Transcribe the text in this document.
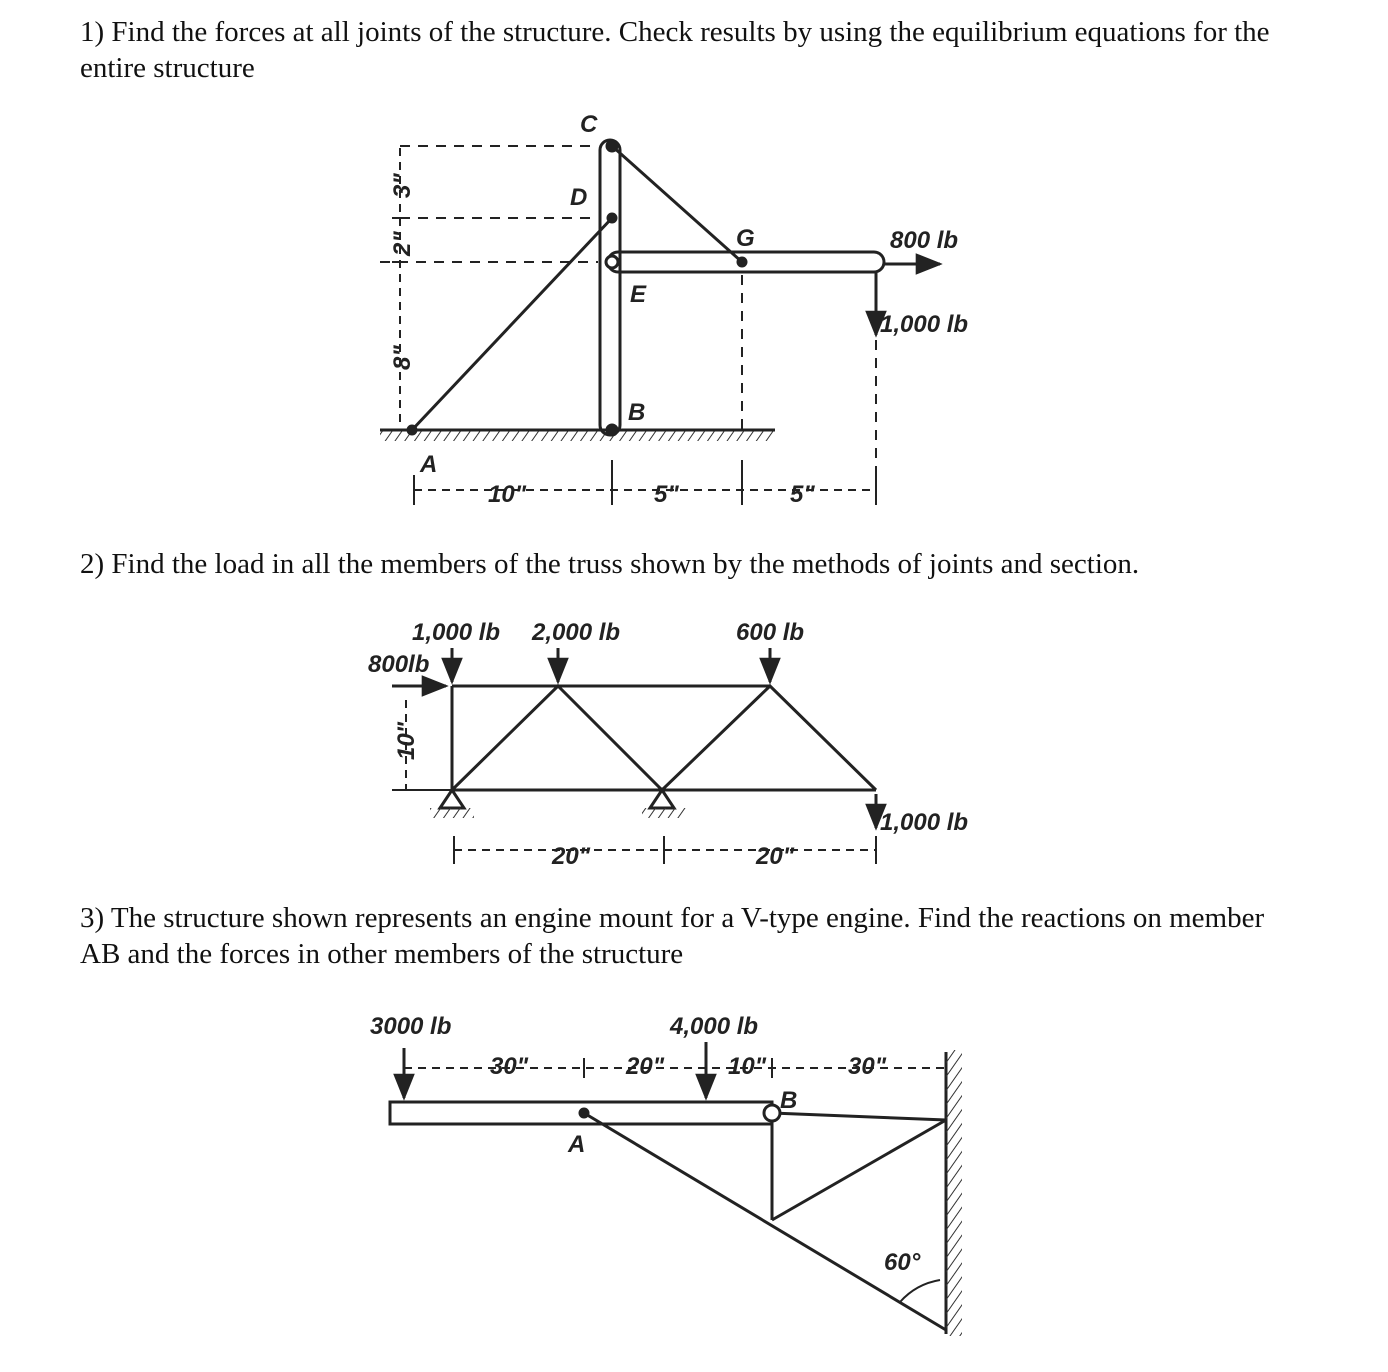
1) Find the forces at all joints of the structure. Check results by using the equilibrium equations for the entire structure

C
D
E
G
B
A
800 lb
1,000 lb
10"	5"	5"
8"
2"
3"
1,000 lb 2,000 lb	600 lb
800lb
1,000 lb
20"	20"
10"
3000 lb	4,000 lb
30"	20"	10"	30"
B
A
60°

2) Find the load in all the members of the truss shown by the methods of joints and section.

3) The structure shown represents an engine mount for a V-type engine. Find the reactions on member AB and the forces in other members of the structure
